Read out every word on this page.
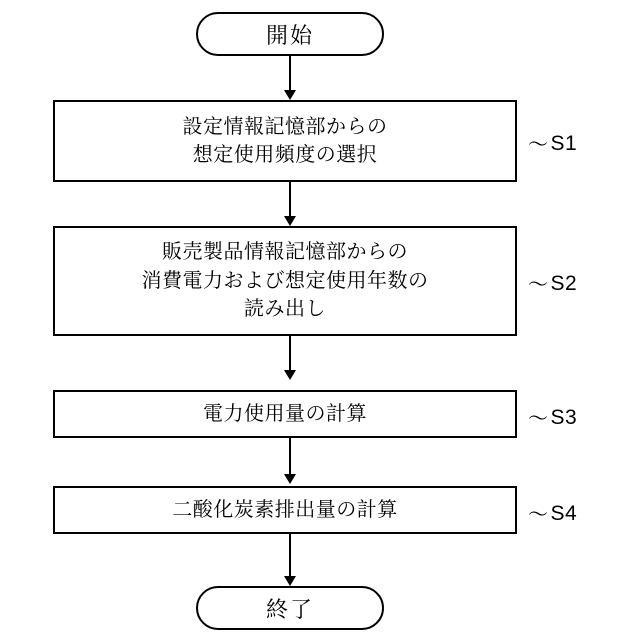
開始
設定情報記憶部からの
想定使用頻度の選択	〜 S1
販売製品情報記憶部からの
消費電力および想定使用年数の
読み出し
〜 S2
電力使用量の計算	〜 S3
二酸化炭素排出量の計算	〜 S4
終了
